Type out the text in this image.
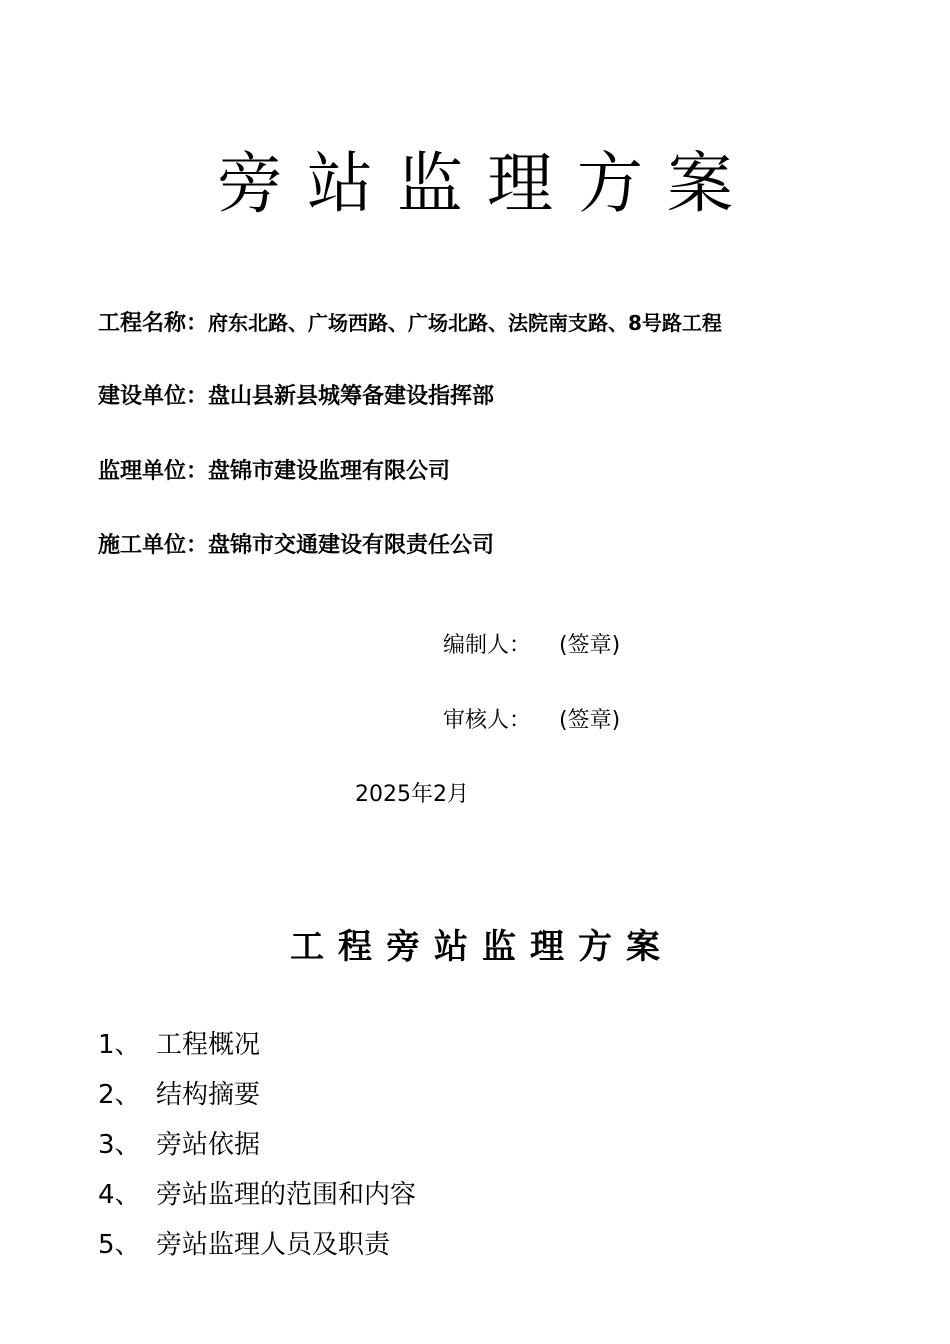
旁站监理方案
工程名称：府东北路、广场西路、广场北路、法院南支路、8号路工程
建设单位：盘山县新县城筹备建设指挥部
监理单位：盘锦市建设监理有限公司
施工单位：盘锦市交通建设有限责任公司
编制人： (签章)
审核人： (签章)
2025年2月
工程旁站监理方案
1、 工程概况
2、 结构摘要
3、 旁站依据
4、 旁站监理的范围和内容
5、 旁站监理人员及职责
